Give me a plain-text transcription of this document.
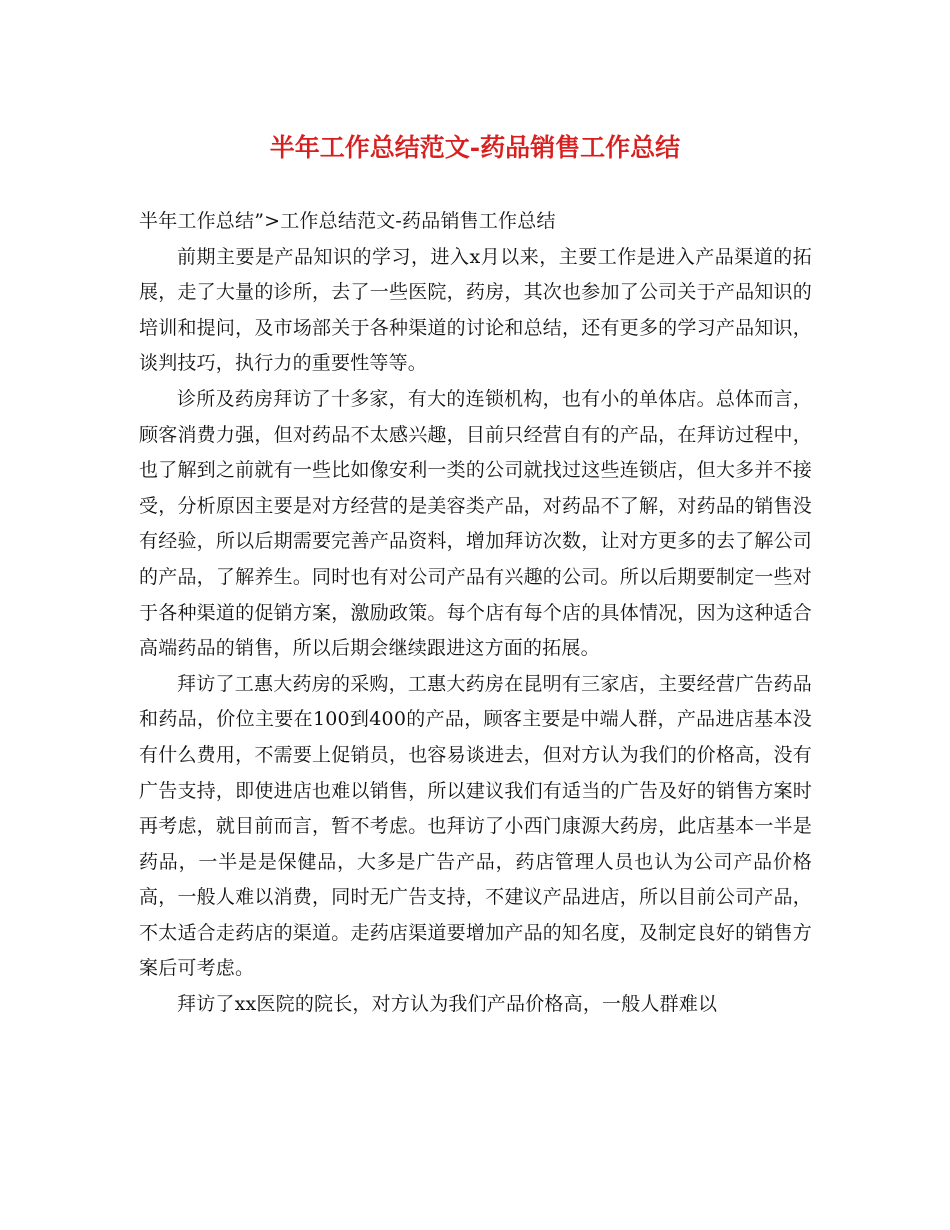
半年工作总结范文-药品销售工作总结

半年工作总结”>工作总结范文-药品销售工作总结

前期主要是产品知识的学习，进入x月以来，主要工作是进入产品渠道的拓展，走了大量的诊所，去了一些医院，药房，其次也参加了公司关于产品知识的培训和提问，及市场部关于各种渠道的讨论和总结，还有更多的学习产品知识，谈判技巧，执行力的重要性等等。

诊所及药房拜访了十多家，有大的连锁机构，也有小的单体店。总体而言，顾客消费力强，但对药品不太感兴趣，目前只经营自有的产品，在拜访过程中，也了解到之前就有一些比如像安利一类的公司就找过这些连锁店，但大多并不接受，分析原因主要是对方经营的是美容类产品，对药品不了解，对药品的销售没有经验，所以后期需要完善产品资料，增加拜访次数，让对方更多的去了解公司的产品，了解养生。同时也有对公司产品有兴趣的公司。所以后期要制定一些对于各种渠道的促销方案，激励政策。每个店有每个店的具体情况，因为这种适合高端药品的销售，所以后期会继续跟进这方面的拓展。

拜访了工惠大药房的采购，工惠大药房在昆明有三家店，主要经营广告药品和药品，价位主要在100到400的产品，顾客主要是中端人群，产品进店基本没有什么费用，不需要上促销员，也容易谈进去，但对方认为我们的价格高，没有广告支持，即使进店也难以销售，所以建议我们有适当的广告及好的销售方案时再考虑，就目前而言，暂不考虑。也拜访了小西门康源大药房，此店基本一半是药品，一半是是保健品，大多是广告产品，药店管理人员也认为公司产品价格高，一般人难以消费，同时无广告支持，不建议产品进店，所以目前公司产品，不太适合走药店的渠道。走药店渠道要增加产品的知名度，及制定良好的销售方案后可考虑。

拜访了xx医院的院长，对方认为我们产品价格高，一般人群难以
